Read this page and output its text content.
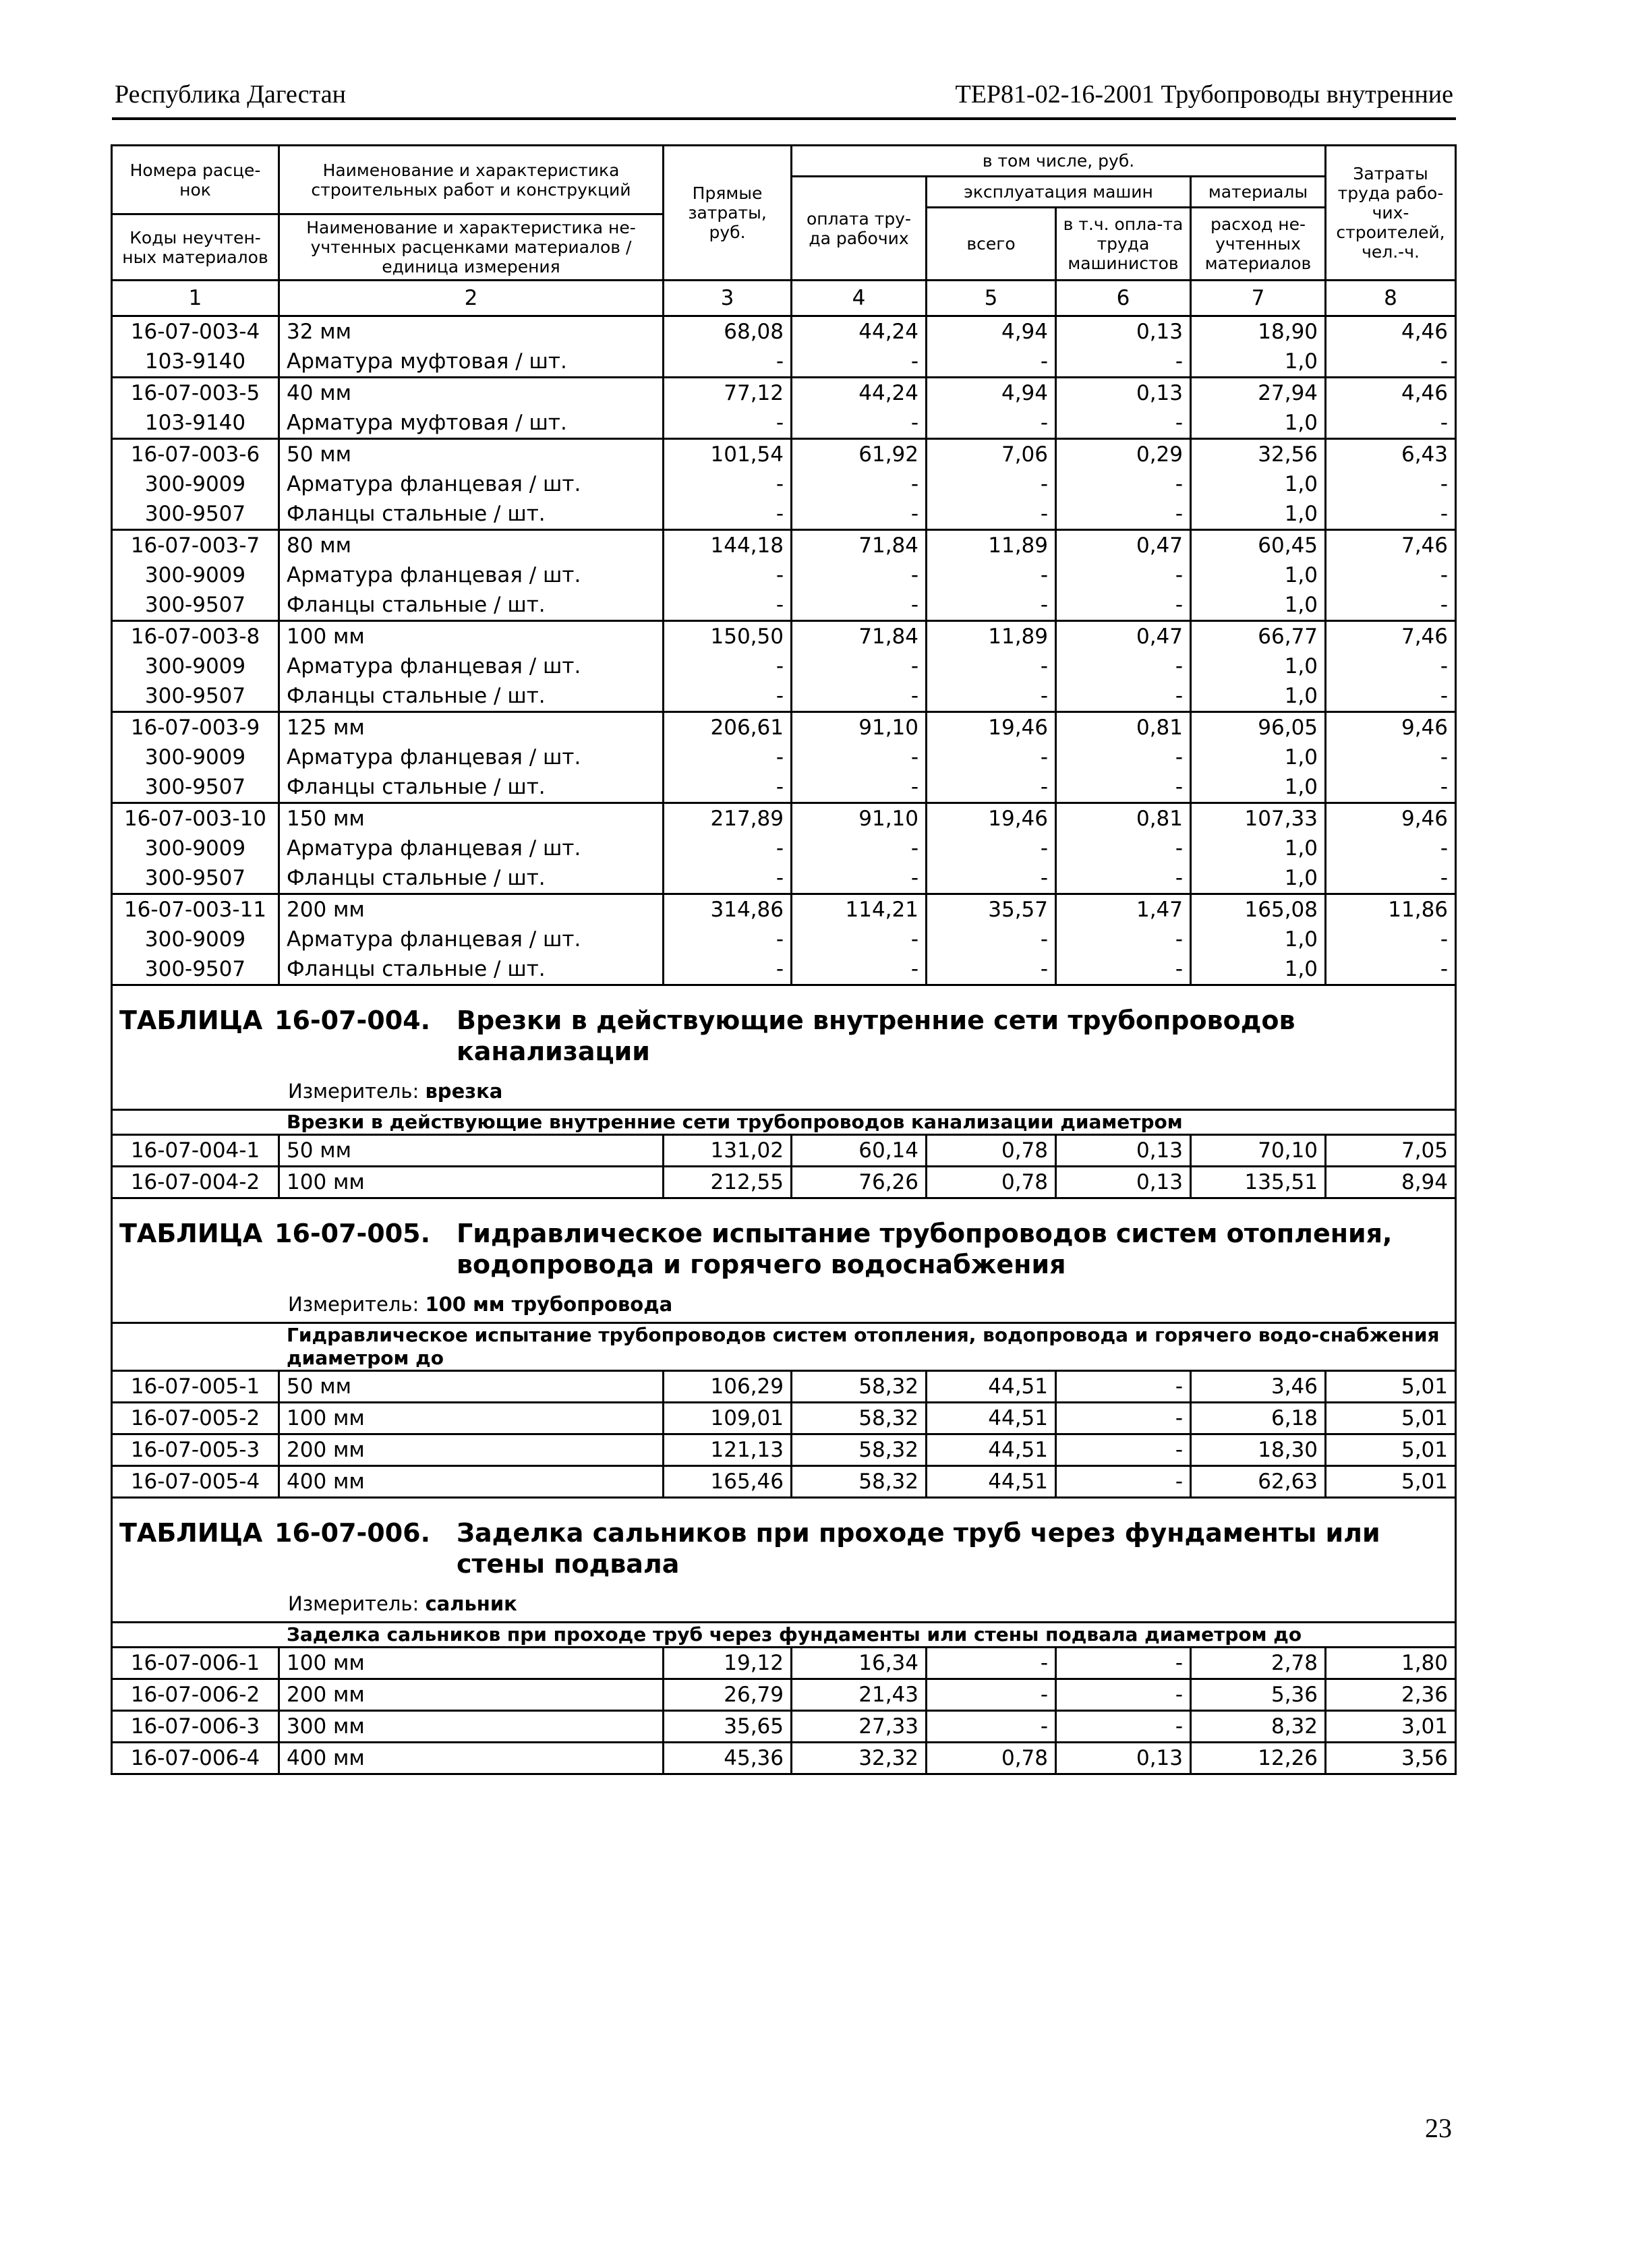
Республика Дагестан	ТЕР81-02-16-2001 Трубопроводы внутренние
Номера расце-нок	Наименование и характеристика строительных работ и конструкций	Прямые затраты, руб.	в том числе, руб.				Затраты труда рабо-чих-строителей, чел.-ч.
			оплата тру-да рабочих	эксплуатация машин		материалы	
				всего	в т.ч. опла-та труда машинистов	расход не-учтенных материалов	
Коды неучтен-ных материалов	Наименование и характеристика не-учтенных расценками материалов / единица измерения						

1	2	3	4	5	6	7	8
16-07-003-4	32 мм	68,08	44,24	4,94	0,13	18,90	4,46
103-9140	Арматура муфтовая / шт.	-	-	-	-	1,0	-
16-07-003-5	40 мм	77,12	44,24	4,94	0,13	27,94	4,46
103-9140	Арматура муфтовая / шт.	-	-	-	-	1,0	-
16-07-003-6	50 мм	101,54	61,92	7,06	0,29	32,56	6,43
300-9009	Арматура фланцевая / шт.	-	-	-	-	1,0	-
300-9507	Фланцы стальные / шт.	-	-	-	-	1,0	-
16-07-003-7	80 мм	144,18	71,84	11,89	0,47	60,45	7,46
300-9009	Арматура фланцевая / шт.	-	-	-	-	1,0	-
300-9507	Фланцы стальные / шт.	-	-	-	-	1,0	-
16-07-003-8	100 мм	150,50	71,84	11,89	0,47	66,77	7,46
300-9009	Арматура фланцевая / шт.	-	-	-	-	1,0	-
300-9507	Фланцы стальные / шт.	-	-	-	-	1,0	-
16-07-003-9	125 мм	206,61	91,10	19,46	0,81	96,05	9,46
300-9009	Арматура фланцевая / шт.	-	-	-	-	1,0	-
300-9507	Фланцы стальные / шт.	-	-	-	-	1,0	-
16-07-003-10	150 мм	217,89	91,10	19,46	0,81	107,33	9,46
300-9009	Арматура фланцевая / шт.	-	-	-	-	1,0	-
300-9507	Фланцы стальные / шт.	-	-	-	-	1,0	-
16-07-003-11	200 мм	314,86	114,21	35,57	1,47	165,08	11,86
300-9009	Арматура фланцевая / шт.	-	-	-	-	1,0	-
300-9507	Фланцы стальные / шт.	-	-	-	-	1,0	-

ТАБЛИЦА 16-07-004. Врезки в действующие внутренние сети трубопроводов канализации
Измеритель: врезка							

Врезки в действующие внутренние сети трубопроводов канализации диаметром							
16-07-004-1	50 мм	131,02	60,14	0,78	0,13	70,10	7,05
16-07-004-2	100 мм	212,55	76,26	0,78	0,13	135,51	8,94

ТАБЛИЦА 16-07-005. Гидравлическое испытание трубопроводов систем отопления, водопровода и горячего водоснабжения
Измеритель: 100 мм трубопровода							

Гидравлическое испытание трубопроводов систем отопления, водопровода и горячего водо-снабжения диаметром до							
16-07-005-1	50 мм	106,29	58,32	44,51	-	3,46	5,01
16-07-005-2	100 мм	109,01	58,32	44,51	-	6,18	5,01
16-07-005-3	200 мм	121,13	58,32	44,51	-	18,30	5,01
16-07-005-4	400 мм	165,46	58,32	44,51	-	62,63	5,01

ТАБЛИЦА 16-07-006. Заделка сальников при проходе труб через фундаменты или стены подвала
Измеритель: сальник							

Заделка сальников при проходе труб через фундаменты или стены подвала диаметром до							
16-07-006-1	100 мм	19,12	16,34	-	-	2,78	1,80
16-07-006-2	200 мм	26,79	21,43	-	-	5,36	2,36
16-07-006-3	300 мм	35,65	27,33	-	-	8,32	3,01
16-07-006-4	400 мм	45,36	32,32	0,78	0,13	12,26	3,56
23
